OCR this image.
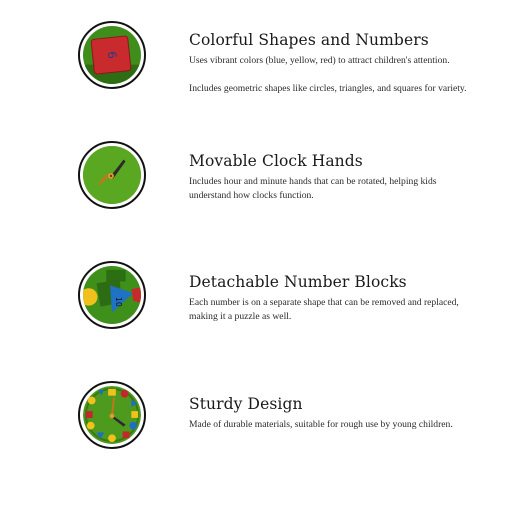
6
Colorful Shapes and Numbers

Uses vibrant colors (blue, yellow, red) to attract children's attention.

Includes geometric shapes like circles, triangles, and squares for variety.

Movable Clock Hands

Includes hour and minute hands that can be rotated, helping kids understand how clocks function.

10
Detachable Number Blocks

Each number is on a separate shape that can be removed and replaced, making it a puzzle as well.

Sturdy Design

Made of durable materials, suitable for rough use by young children.
